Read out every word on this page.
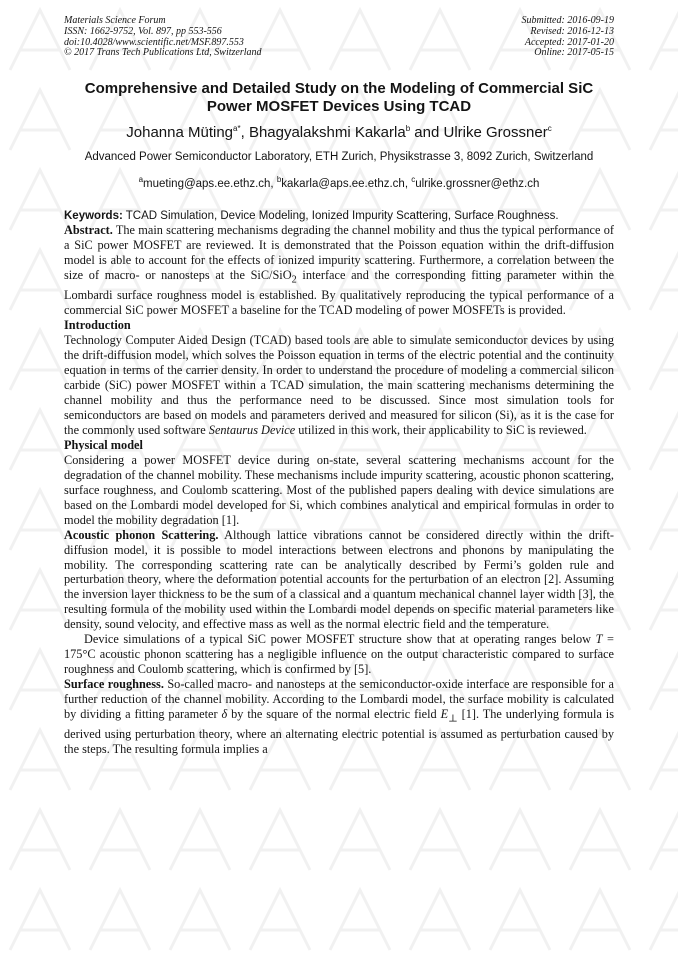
Materials Science Forum
ISSN: 1662-9752, Vol. 897, pp 553-556
doi:10.4028/www.scientific.net/MSF.897.553
© 2017 Trans Tech Publications Ltd, Switzerland
Submitted: 2016-09-19
Revised: 2016-12-13
Accepted: 2017-01-20
Online: 2017-05-15
Comprehensive and Detailed Study on the Modeling of Commercial SiC
Power MOSFET Devices Using TCAD
Johanna Müting$^{a*}$, Bhagyalakshmi Kakarla$^b$ and Ulrike Grossner$^c$
Advanced Power Semiconductor Laboratory, ETH Zurich, Physikstrasse 3, 8092 Zurich, Switzerland
$^a$mueting@aps.ee.ethz.ch, $^b$kakarla@aps.ee.ethz.ch, $^c$ulrike.grossner@ethz.ch
Keywords: TCAD Simulation, Device Modeling, Ionized Impurity Scattering, Surface Roughness.

Abstract. The main scattering mechanisms degrading the channel mobility and thus the typical performance of a SiC power MOSFET are reviewed. It is demonstrated that the Poisson equation within the drift-diffusion model is able to account for the effects of ionized impurity scattering. Furthermore, a correlation between the size of macro- or nanosteps at the SiC/SiO$_2$ interface and the corresponding fitting parameter within the Lombardi surface roughness model is established. By qualitatively reproducing the typical performance of a commercial SiC power MOSFET a baseline for the TCAD modeling of power MOSFETs is provided.

Introduction

Technology Computer Aided Design (TCAD) based tools are able to simulate semiconductor devices by using the drift-diffusion model, which solves the Poisson equation in terms of the electric potential and the continuity equation in terms of the carrier density. In order to understand the procedure of modeling a commercial silicon carbide (SiC) power MOSFET within a TCAD simulation, the main scattering mechanisms determining the channel mobility and thus the performance need to be discussed. Since most simulation tools for semiconductors are based on models and parameters derived and measured for silicon (Si), as it is the case for the commonly used software Sentaurus Device utilized in this work, their applicability to SiC is reviewed.

Physical model

Considering a power MOSFET device during on-state, several scattering mechanisms account for the degradation of the channel mobility. These mechanisms include impurity scattering, acoustic phonon scattering, surface roughness, and Coulomb scattering. Most of the published papers dealing with device simulations are based on the Lombardi model developed for Si, which combines analytical and empirical formulas in order to model the mobility degradation [1].

Acoustic phonon Scattering. Although lattice vibrations cannot be considered directly within the drift-diffusion model, it is possible to model interactions between electrons and phonons by manipulating the mobility. The corresponding scattering rate can be analytically described by Fermi’s golden rule and perturbation theory, where the deformation potential accounts for the perturbation of an electron [2]. Assuming the inversion layer thickness to be the sum of a classical and a quantum mechanical channel layer width [3], the resulting formula of the mobility used within the Lombardi model depends on specific material parameters like density, sound velocity, and effective mass as well as the normal electric field and the temperature.

Device simulations of a typical SiC power MOSFET structure show that at operating ranges below T = 175°C acoustic phonon scattering has a negligible influence on the output characteristic compared to surface roughness and Coulomb scattering, which is confirmed by [5].

Surface roughness. So-called macro- and nanosteps at the semiconductor-oxide interface are responsible for a further reduction of the channel mobility. According to the Lombardi model, the surface mobility is calculated by dividing a fitting parameter δ by the square of the normal electric field $E_\perp$ [1]. The underlying formula is derived using perturbation theory, where an alternating electric potential is assumed as perturbation caused by the steps. The resulting formula implies a
